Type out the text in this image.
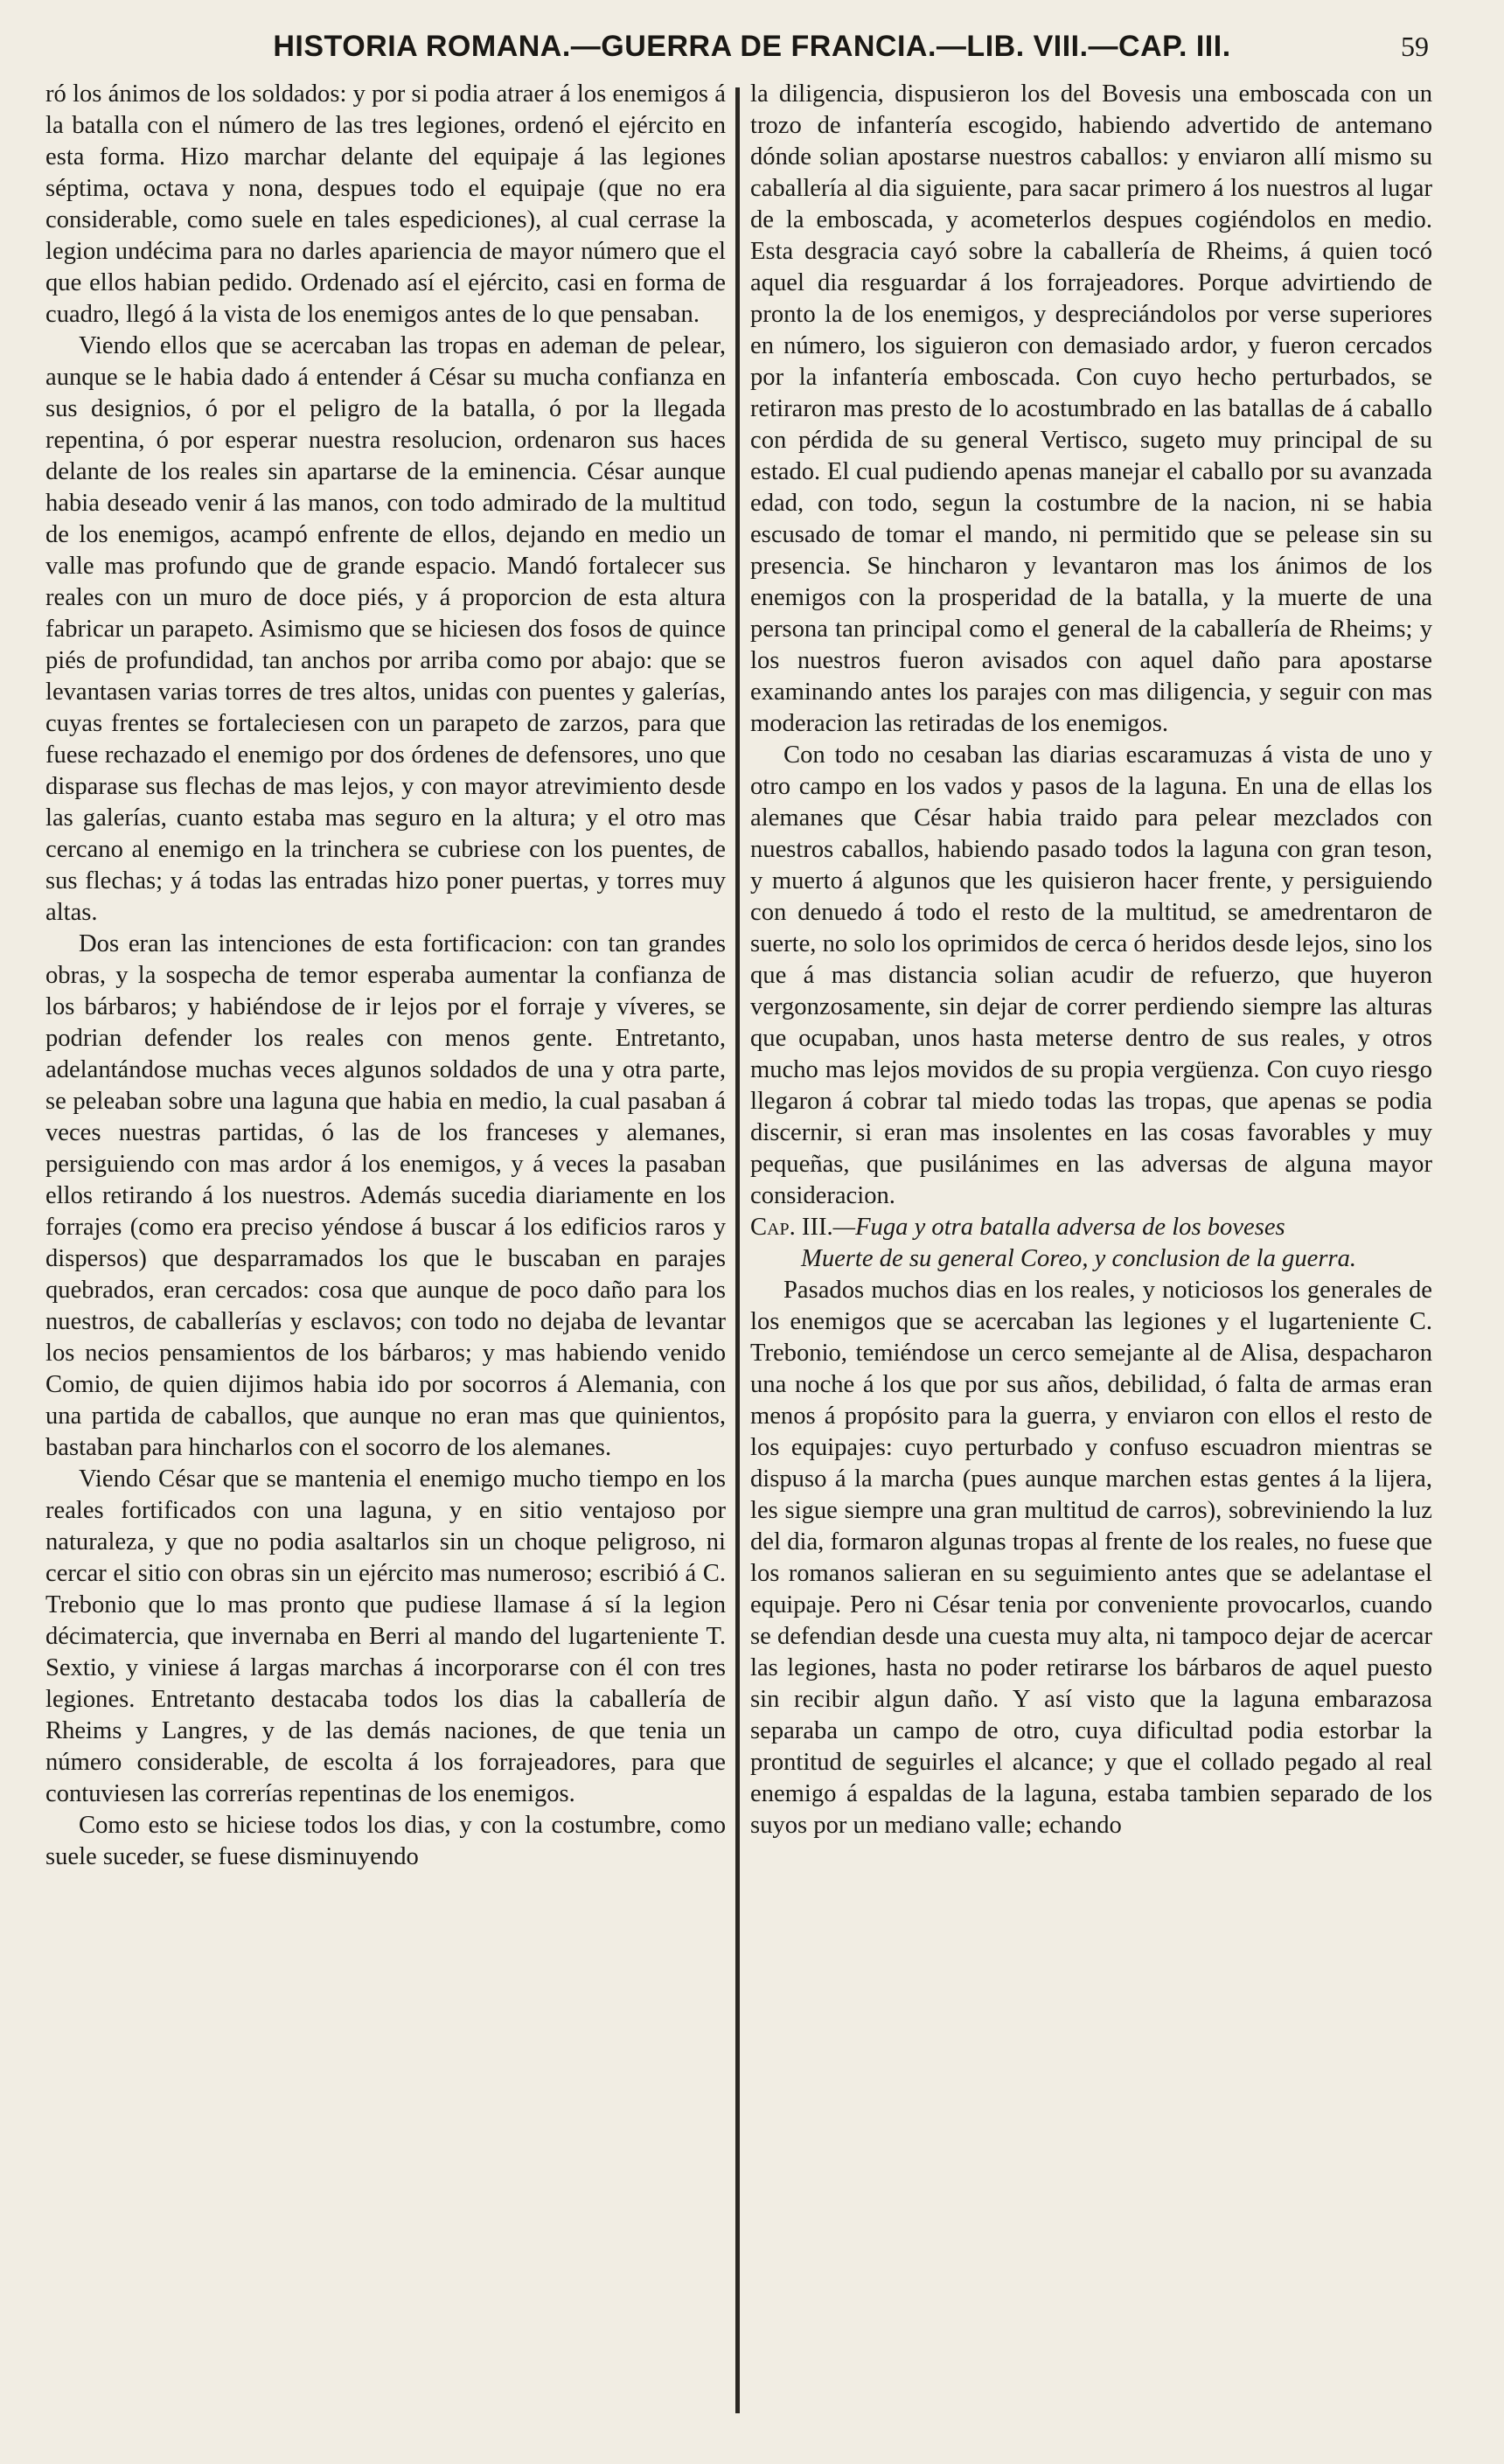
HISTORIA ROMANA.—GUERRA DE FRANCIA.—LIB. VIII.—CAP. III.	59

ró los ánimos de los soldados: y por si podia atraer á los enemigos á la batalla con el número de las tres legiones, ordenó el ejército en esta forma. Hizo marchar delante del equipaje á las legiones séptima, octava y nona, despues todo el equipaje (que no era considerable, como suele en tales espediciones), al cual cerrase la legion undécima para no darles apariencia de mayor número que el que ellos habian pedido. Ordenado así el ejército, casi en forma de cuadro, llegó á la vista de los enemigos antes de lo que pensaban.

Viendo ellos que se acercaban las tropas en ademan de pelear, aunque se le habia dado á entender á César su mucha confianza en sus designios, ó por el peligro de la batalla, ó por la llegada repentina, ó por esperar nuestra resolucion, ordenaron sus haces delante de los reales sin apartarse de la eminencia. César aunque habia deseado venir á las manos, con todo admirado de la multitud de los enemigos, acampó enfrente de ellos, dejando en medio un valle mas profundo que de grande espacio. Mandó fortalecer sus reales con un muro de doce piés, y á proporcion de esta altura fabricar un parapeto. Asimismo que se hiciesen dos fosos de quince piés de profundidad, tan anchos por arriba como por abajo: que se levantasen varias torres de tres altos, unidas con puentes y galerías, cuyas frentes se fortaleciesen con un parapeto de zarzos, para que fuese rechazado el enemigo por dos órdenes de defensores, uno que disparase sus flechas de mas lejos, y con mayor atrevimiento desde las galerías, cuanto estaba mas seguro en la altura; y el otro mas cercano al enemigo en la trinchera se cubriese con los puentes, de sus flechas; y á todas las entradas hizo poner puertas, y torres muy altas.

Dos eran las intenciones de esta fortificacion: con tan grandes obras, y la sospecha de temor esperaba aumentar la confianza de los bárbaros; y habiéndose de ir lejos por el forraje y víveres, se podrian defender los reales con menos gente. Entretanto, adelantándose muchas veces algunos soldados de una y otra parte, se peleaban sobre una laguna que habia en medio, la cual pasaban á veces nuestras partidas, ó las de los franceses y alemanes, persiguiendo con mas ardor á los enemigos, y á veces la pasaban ellos retirando á los nuestros. Además sucedia diariamente en los forrajes (como era preciso yéndose á buscar á los edificios raros y dispersos) que desparramados los que le buscaban en parajes quebrados, eran cercados: cosa que aunque de poco daño para los nuestros, de caballerías y esclavos; con todo no dejaba de levantar los necios pensamientos de los bárbaros; y mas habiendo venido Comio, de quien dijimos habia ido por socorros á Alemania, con una partida de caballos, que aunque no eran mas que quinientos, bastaban para hincharlos con el socorro de los alemanes.

Viendo César que se mantenia el enemigo mucho tiempo en los reales fortificados con una laguna, y en sitio ventajoso por naturaleza, y que no podia asaltarlos sin un choque peligroso, ni cercar el sitio con obras sin un ejército mas numeroso; escribió á C. Trebonio que lo mas pronto que pudiese llamase á sí la legion décimatercia, que invernaba en Berri al mando del lugarteniente T. Sextio, y viniese á largas marchas á incorporarse con él con tres legiones. Entretanto destacaba todos los dias la caballería de Rheims y Langres, y de las demás naciones, de que tenia un número considerable, de escolta á los forrajeadores, para que contuviesen las correrías repentinas de los enemigos.

Como esto se hiciese todos los dias, y con la costumbre, como suele suceder, se fuese disminuyendo

la diligencia, dispusieron los del Bovesis una emboscada con un trozo de infantería escogido, habiendo advertido de antemano dónde solian apostarse nuestros caballos: y enviaron allí mismo su caballería al dia siguiente, para sacar primero á los nuestros al lugar de la emboscada, y acometerlos despues cogiéndolos en medio. Esta desgracia cayó sobre la caballería de Rheims, á quien tocó aquel dia resguardar á los forrajeadores. Porque advirtiendo de pronto la de los enemigos, y despreciándolos por verse superiores en número, los siguieron con demasiado ardor, y fueron cercados por la infantería emboscada. Con cuyo hecho perturbados, se retiraron mas presto de lo acostumbrado en las batallas de á caballo con pérdida de su general Vertisco, sugeto muy principal de su estado. El cual pudiendo apenas manejar el caballo por su avanzada edad, con todo, segun la costumbre de la nacion, ni se habia escusado de tomar el mando, ni permitido que se pelease sin su presencia. Se hincharon y levantaron mas los ánimos de los enemigos con la prosperidad de la batalla, y la muerte de una persona tan principal como el general de la caballería de Rheims; y los nuestros fueron avisados con aquel daño para apostarse examinando antes los parajes con mas diligencia, y seguir con mas moderacion las retiradas de los enemigos.

Con todo no cesaban las diarias escaramuzas á vista de uno y otro campo en los vados y pasos de la laguna. En una de ellas los alemanes que César habia traido para pelear mezclados con nuestros caballos, habiendo pasado todos la laguna con gran teson, y muerto á algunos que les quisieron hacer frente, y persiguiendo con denuedo á todo el resto de la multitud, se amedrentaron de suerte, no solo los oprimidos de cerca ó heridos desde lejos, sino los que á mas distancia solian acudir de refuerzo, que huyeron vergonzosamente, sin dejar de correr perdiendo siempre las alturas que ocupaban, unos hasta meterse dentro de sus reales, y otros mucho mas lejos movidos de su propia vergüenza. Con cuyo riesgo llegaron á cobrar tal miedo todas las tropas, que apenas se podia discernir, si eran mas insolentes en las cosas favorables y muy pequeñas, que pusilánimes en las adversas de alguna mayor consideracion.

Cap. III.—Fuga y otra batalla adversa de los boveses
Muerte de su general Coreo, y conclusion de la guerra.

Pasados muchos dias en los reales, y noticiosos los generales de los enemigos que se acercaban las legiones y el lugarteniente C. Trebonio, temiéndose un cerco semejante al de Alisa, despacharon una noche á los que por sus años, debilidad, ó falta de armas eran menos á propósito para la guerra, y enviaron con ellos el resto de los equipajes: cuyo perturbado y confuso escuadron mientras se dispuso á la marcha (pues aunque marchen estas gentes á la lijera, les sigue siempre una gran multitud de carros), sobreviniendo la luz del dia, formaron algunas tropas al frente de los reales, no fuese que los romanos salieran en su seguimiento antes que se adelantase el equipaje. Pero ni César tenia por conveniente provocarlos, cuando se defendian desde una cuesta muy alta, ni tampoco dejar de acercar las legiones, hasta no poder retirarse los bárbaros de aquel puesto sin recibir algun daño. Y así visto que la laguna embarazosa separaba un campo de otro, cuya dificultad podia estorbar la prontitud de seguirles el alcance; y que el collado pegado al real enemigo á espaldas de la laguna, estaba tambien separado de los suyos por un mediano valle; echando
